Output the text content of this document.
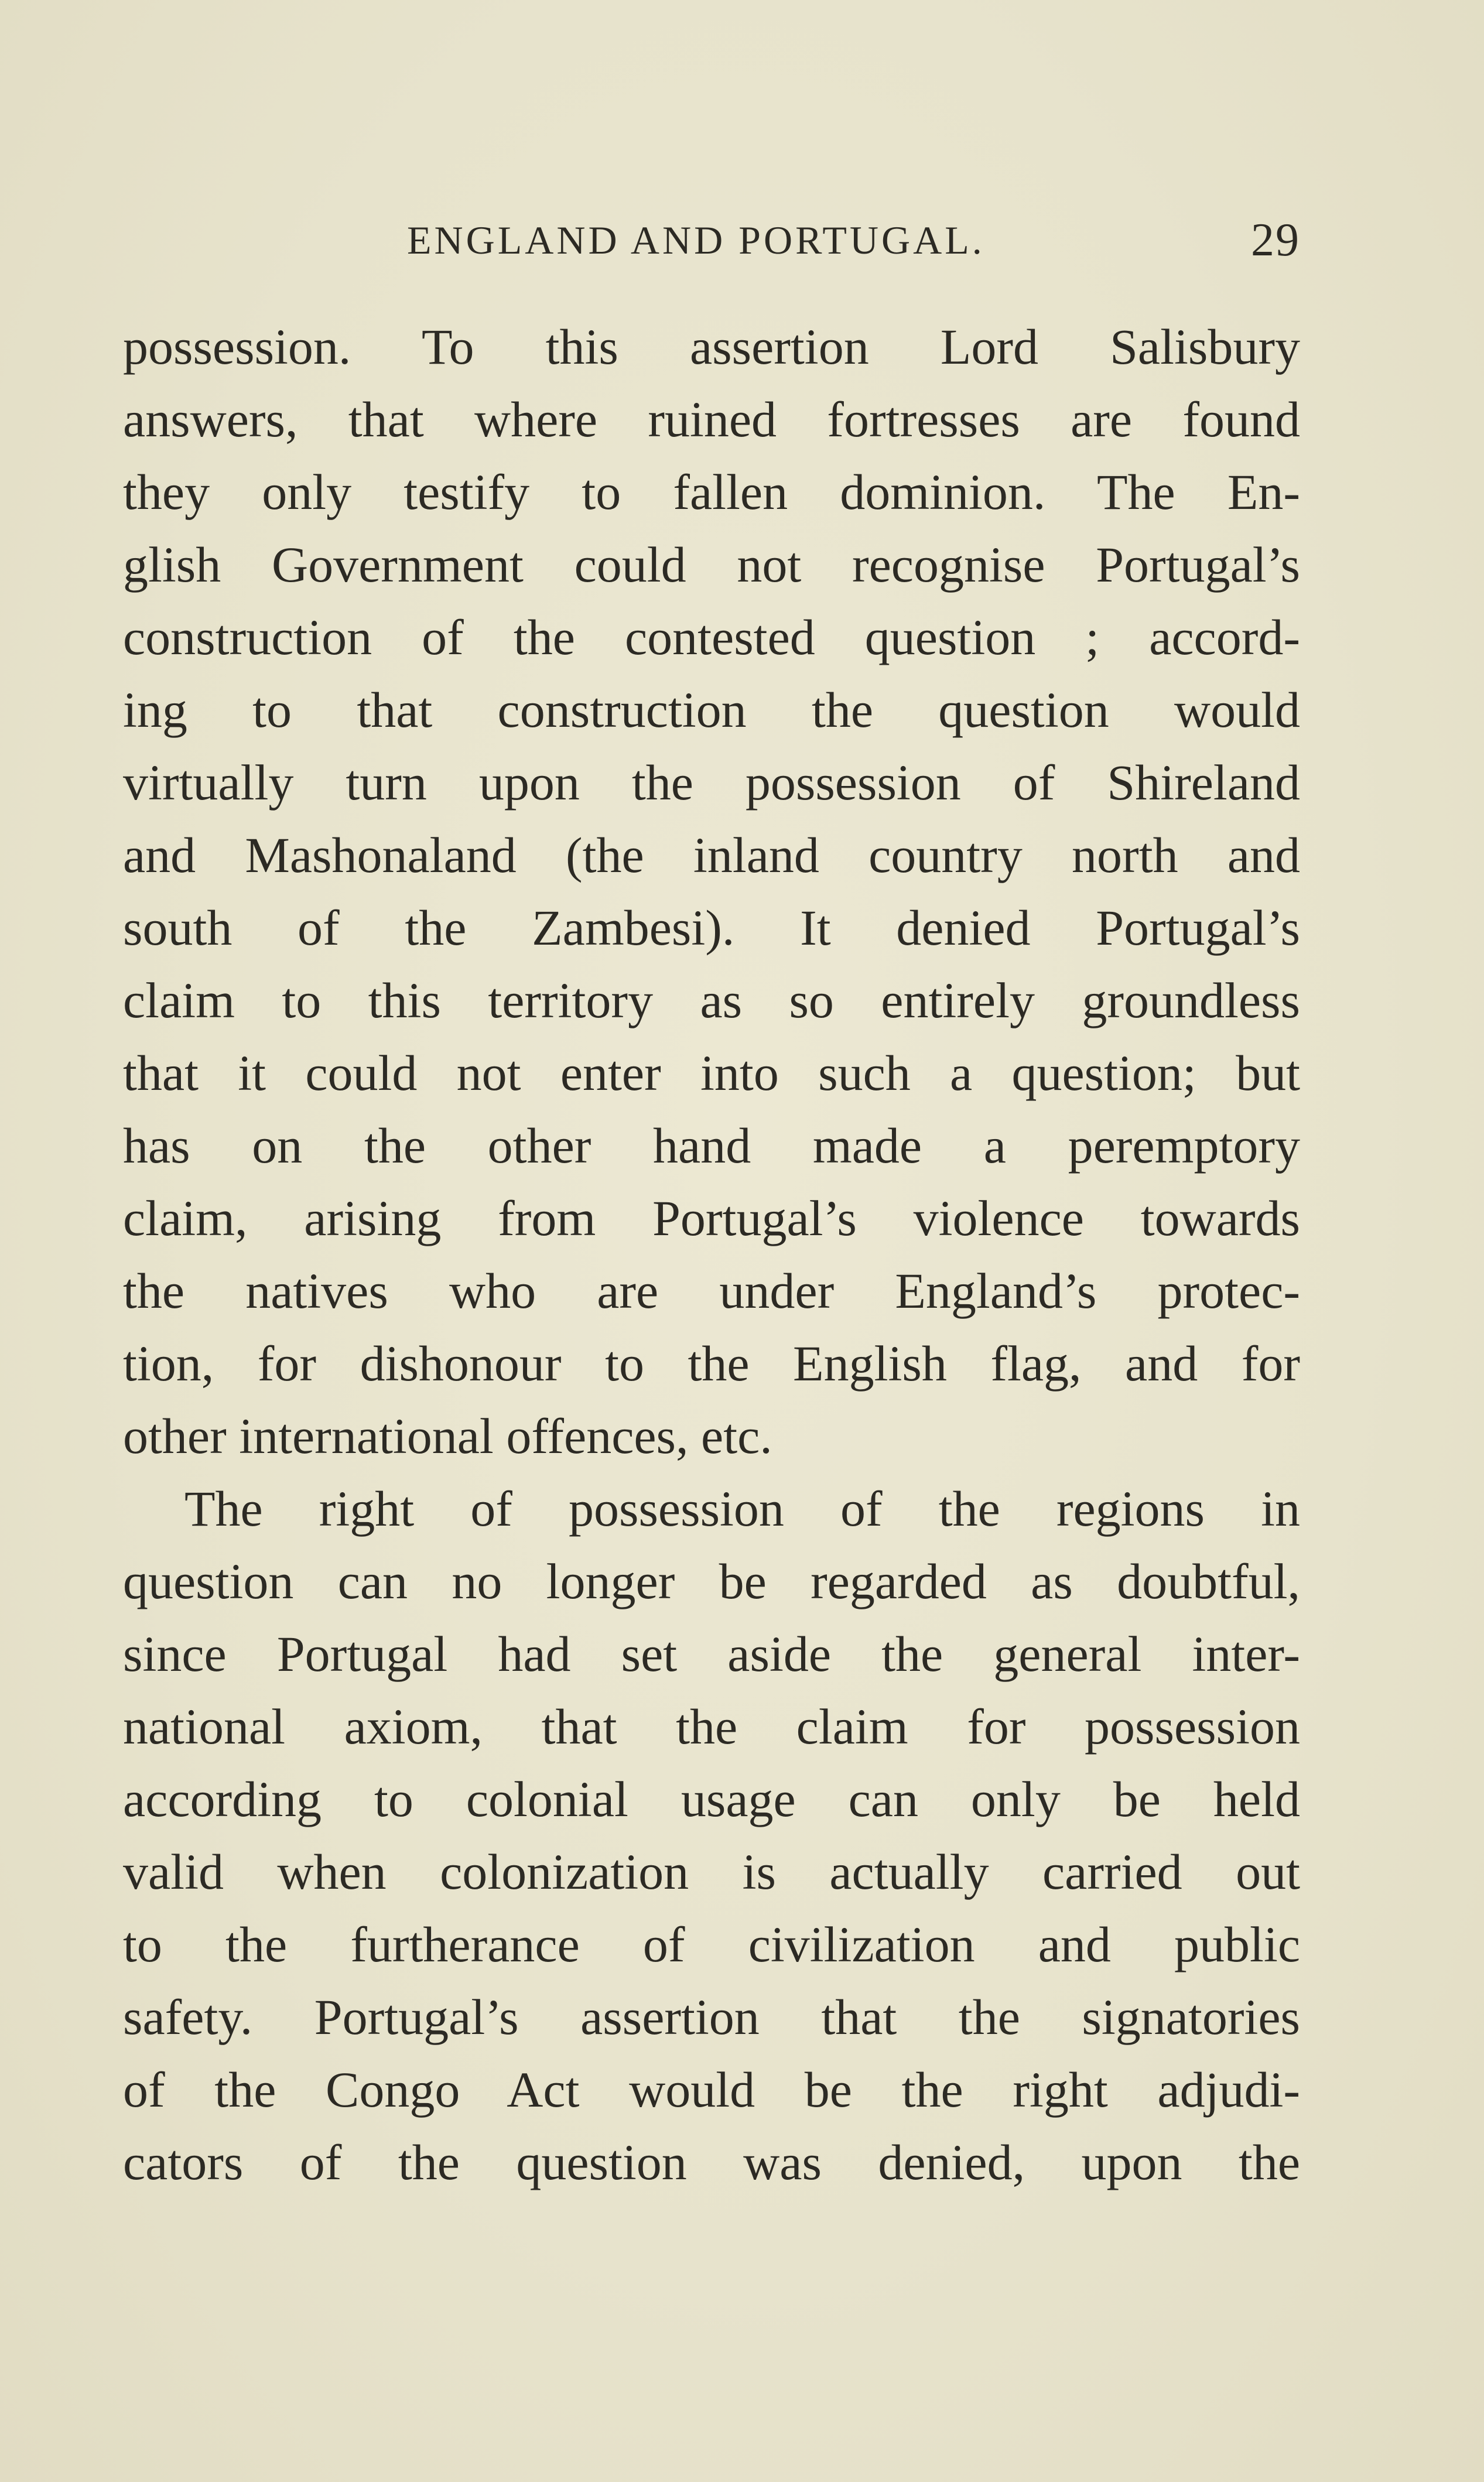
ENGLAND AND PORTUGAL.	29
possession. To this assertion Lord Salisbury
answers, that where ruined fortresses are found
they only testify to fallen dominion. The En-
glish Government could not recognise Portugal’s
construction of the contested question ; accord-
ing to that construction the question would
virtually turn upon the possession of Shireland
and Mashonaland (the inland country north and
south of the Zambesi). It denied Portugal’s
claim to this territory as so entirely groundless
that it could not enter into such a question; but
has on the other hand made a peremptory
claim, arising from Portugal’s violence towards
the natives who are under England’s protec-
tion, for dishonour to the English flag, and for
other international offences, etc.
The right of possession of the regions in
question can no longer be regarded as doubtful,
since Portugal had set aside the general inter-
national axiom, that the claim for possession
according to colonial usage can only be held
valid when colonization is actually carried out
to the furtherance of civilization and public
safety. Portugal’s assertion that the signatories
of the Congo Act would be the right adjudi-
cators of the question was denied, upon the
